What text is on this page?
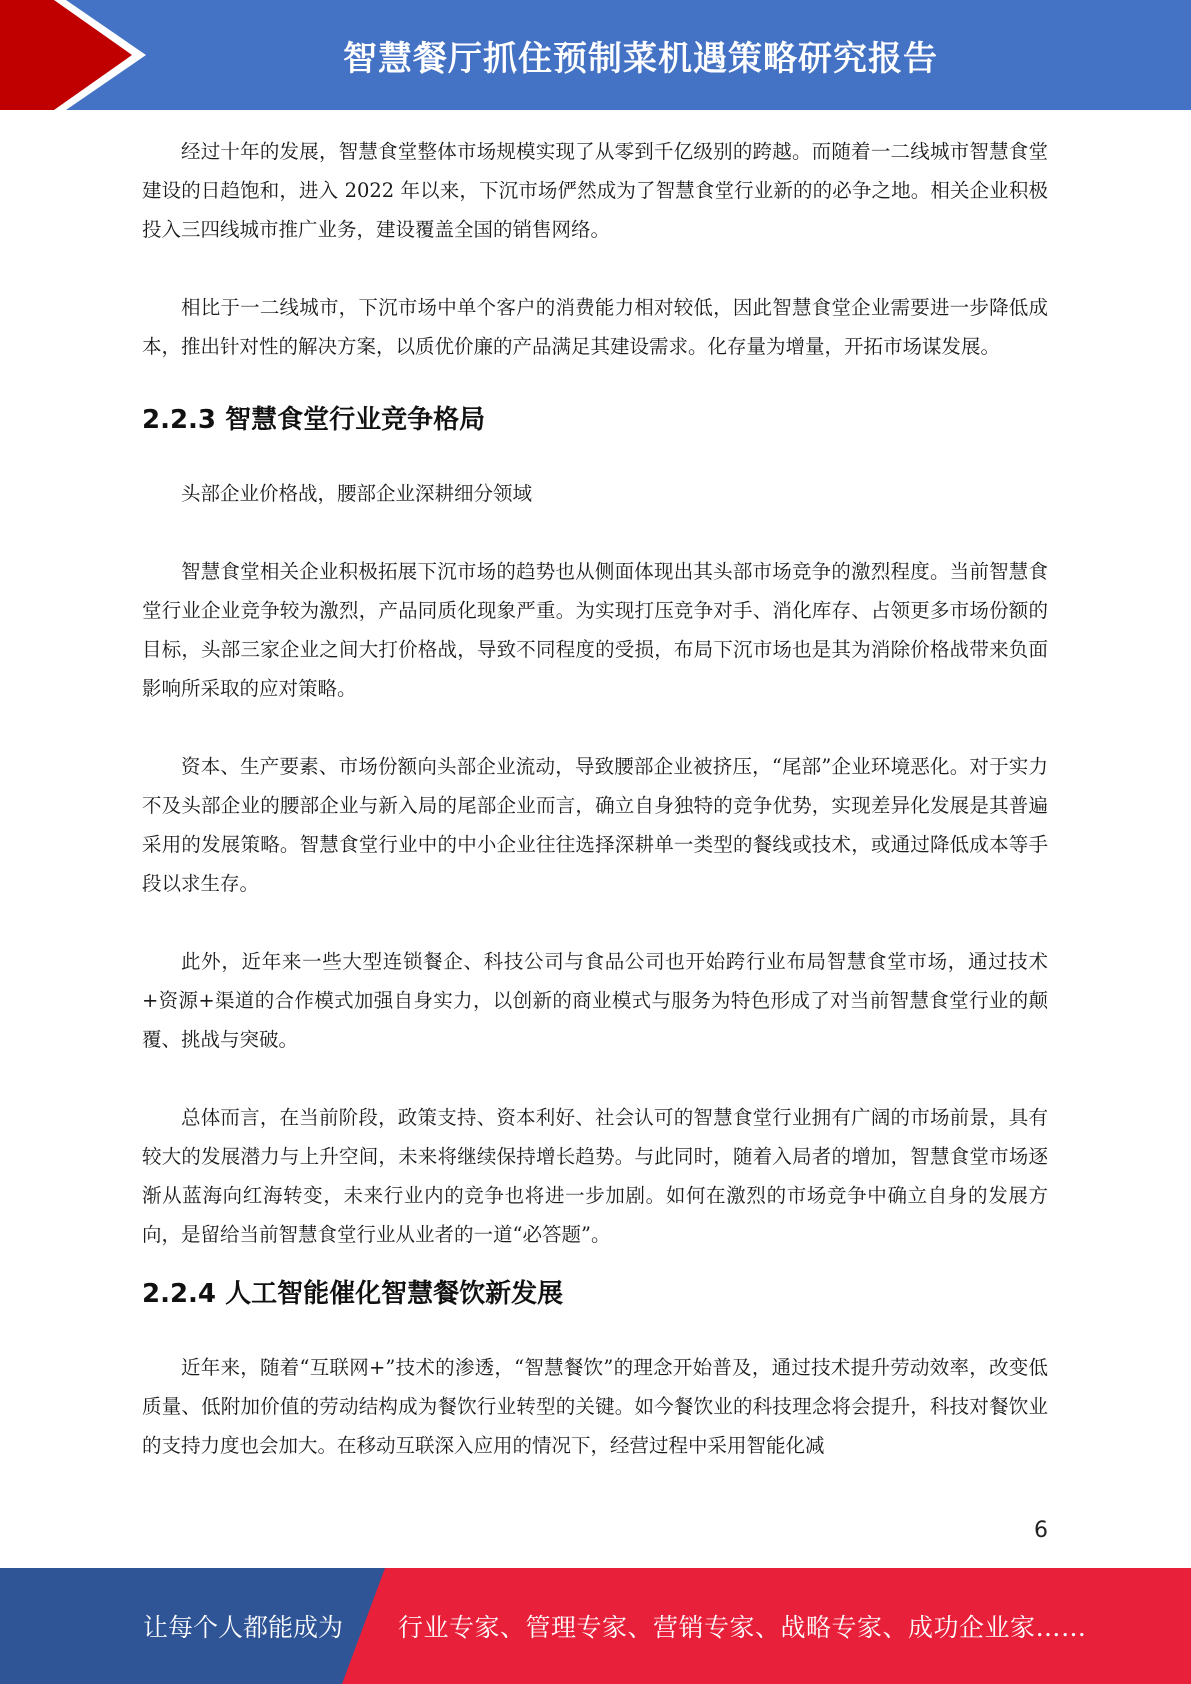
智慧餐厅抓住预制菜机遇策略研究报告

经过十年的发展，智慧食堂整体市场规模实现了从零到千亿级别的跨越。而随着一二线城市智慧食堂建设的日趋饱和，进入 2022 年以来，下沉市场俨然成为了智慧食堂行业新的的必争之地。相关企业积极投入三四线城市推广业务，建设覆盖全国的销售网络。

相比于一二线城市，下沉市场中单个客户的消费能力相对较低，因此智慧食堂企业需要进一步降低成本，推出针对性的解决方案，以质优价廉的产品满足其建设需求。化存量为增量，开拓市场谋发展。

2.2.3 智慧食堂行业竞争格局

头部企业价格战，腰部企业深耕细分领域

智慧食堂相关企业积极拓展下沉市场的趋势也从侧面体现出其头部市场竞争的激烈程度。当前智慧食堂行业企业竞争较为激烈，产品同质化现象严重。为实现打压竞争对手、消化库存、占领更多市场份额的目标，头部三家企业之间大打价格战，导致不同程度的受损，布局下沉市场也是其为消除价格战带来负面影响所采取的应对策略。

资本、生产要素、市场份额向头部企业流动，导致腰部企业被挤压，“尾部”企业环境恶化。对于实力不及头部企业的腰部企业与新入局的尾部企业而言，确立自身独特的竞争优势，实现差异化发展是其普遍采用的发展策略。智慧食堂行业中的中小企业往往选择深耕单一类型的餐线或技术，或通过降低成本等手段以求生存。

此外，近年来一些大型连锁餐企、科技公司与食品公司也开始跨行业布局智慧食堂市场，通过技术+资源+渠道的合作模式加强自身实力，以创新的商业模式与服务为特色形成了对当前智慧食堂行业的颠覆、挑战与突破。

总体而言，在当前阶段，政策支持、资本利好、社会认可的智慧食堂行业拥有广阔的市场前景，具有较大的发展潜力与上升空间，未来将继续保持增长趋势。与此同时，随着入局者的增加，智慧食堂市场逐渐从蓝海向红海转变，未来行业内的竞争也将进一步加剧。如何在激烈的市场竞争中确立自身的发展方向，是留给当前智慧食堂行业从业者的一道“必答题”。

2.2.4 人工智能催化智慧餐饮新发展

近年来，随着“互联网+”技术的渗透，“智慧餐饮”的理念开始普及，通过技术提升劳动效率，改变低质量、低附加价值的劳动结构成为餐饮行业转型的关键。如今餐饮业的科技理念将会提升，科技对餐饮业的支持力度也会加大。在移动互联深入应用的情况下，经营过程中采用智能化减

6
让每个人都能成为 行业专家、管理专家、营销专家、战略专家、成功企业家……
